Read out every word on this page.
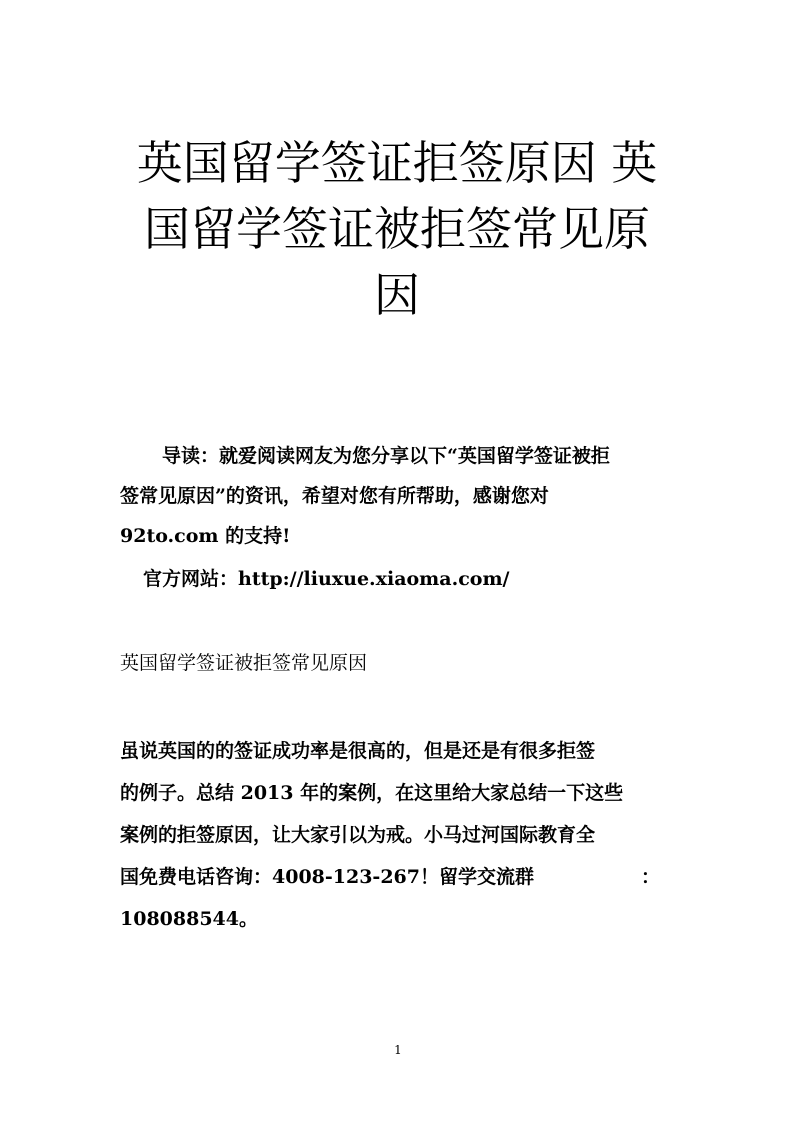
英国留学签证拒签原因 英
国留学签证被拒签常见原
因

导读：就爱阅读网友为您分享以下“英国留学签证被拒
签常见原因”的资讯，希望对您有所帮助，感谢您对
92to.com 的支持!

官方网站：http://liuxue.xiaoma.com/
英国留学签证被拒签常见原因
虽说英国的的签证成功率是很高的，但是还是有很多拒签
的例子。总结 2013 年的案例，在这里给大家总结一下这些
案例的拒签原因，让大家引以为戒。小马过河国际教育全
国免费电话咨询：4008-123-267！留学交流群	：
108088544。
1
